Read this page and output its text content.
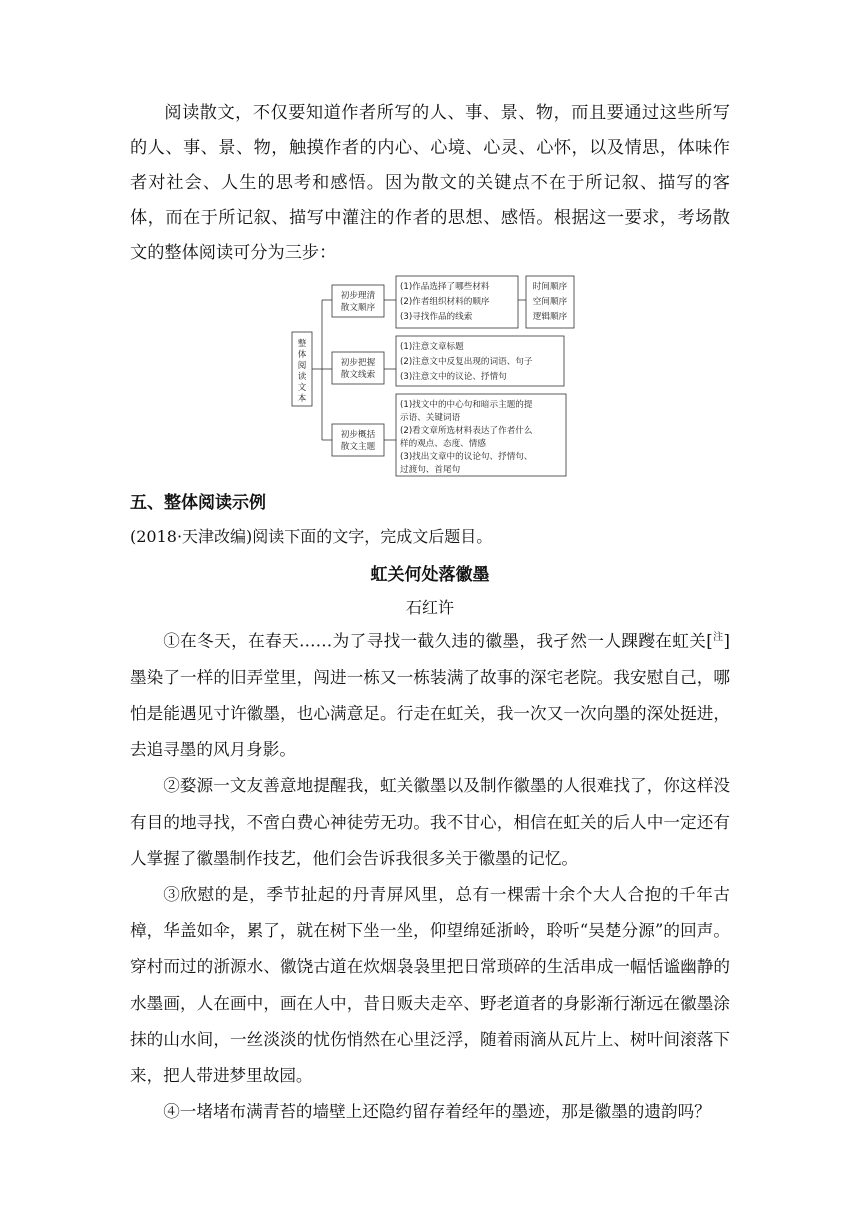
阅读散文，不仅要知道作者所写的人、事、景、物，而且要通过这些所写的人、事、景、物，触摸作者的内心、心境、心灵、心怀，以及情思，体味作者对社会、人生的思考和感悟。因为散文的关键点不在于所记叙、描写的客体，而在于所记叙、描写中灌注的作者的思想、感悟。根据这一要求，考场散文的整体阅读可分为三步：

整
体
阅
读
文
本
初步理清
散文顺序
初步把握
散文线索
初步概括
散文主题
(1)作品选择了哪些材料
(2)作者组织材料的顺序
(3)寻找作品的线索
时间顺序
空间顺序
逻辑顺序
(1)注意文章标题
(2)注意文中反复出现的词语、句子
(3)注意文中的议论、抒情句
(1)找文中的中心句和暗示主题的提
示语、关键词语
(2)看文章所选材料表达了作者什么
样的观点、态度、情感
(3)找出文章中的议论句、抒情句、
过渡句、首尾句

五、整体阅读示例

(2018·天津改编)阅读下面的文字，完成文后题目。

虹关何处落徽墨

石红许

①在冬天，在春天……为了寻找一截久违的徽墨，我孑然一人踝躞在虹关[$^注$]墨染了一样的旧弄堂里，闯进一栋又一栋装满了故事的深宅老院。我安慰自己，哪怕是能遇见寸许徽墨，也心满意足。行走在虹关，我一次又一次向墨的深处挺进，去追寻墨的风月身影。

②婺源一文友善意地提醒我，虹关徽墨以及制作徽墨的人很难找了，你这样没有目的地寻找，不啻白费心神徒劳无功。我不甘心，相信在虹关的后人中一定还有人掌握了徽墨制作技艺，他们会告诉我很多关于徽墨的记忆。

③欣慰的是，季节扯起的丹青屏风里，总有一棵需十余个大人合抱的千年古樟，华盖如伞，累了，就在树下坐一坐，仰望绵延浙岭，聆听“吴楚分源”的回声。穿村而过的浙源水、徽饶古道在炊烟袅袅里把日常琐碎的生活串成一幅恬谧幽静的水墨画，人在画中，画在人中，昔日贩夫走卒、野老道者的身影渐行渐远在徽墨涂抹的山水间，一丝淡淡的忧伤悄然在心里泛浮，随着雨滴从瓦片上、树叶间滚落下来，把人带进梦里故园。

④一堵堵布满青苔的墙壁上还隐约留存着经年的墨迹，那是徽墨的遗韵吗？
